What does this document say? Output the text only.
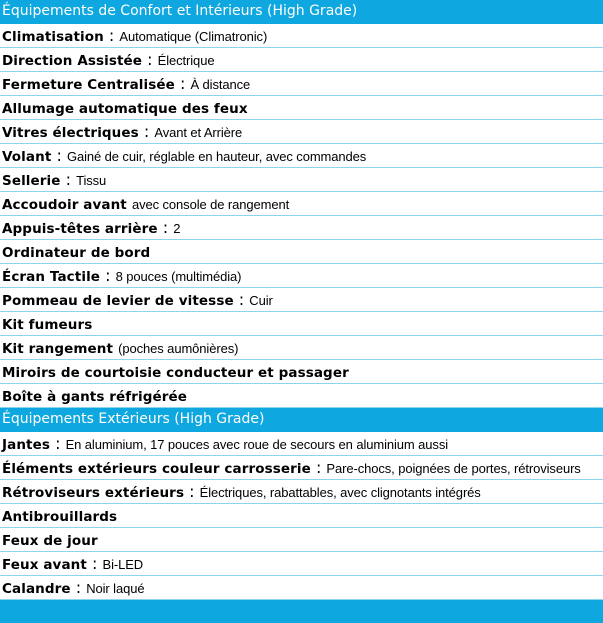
Équipements de Confort et Intérieurs (High Grade)
Climatisation : Automatique (Climatronic)
Direction Assistée : Électrique
Fermeture Centralisée : À distance
Allumage automatique des feux
Vitres électriques : Avant et Arrière
Volant : Gainé de cuir, réglable en hauteur, avec commandes
Sellerie : Tissu
Accoudoir avant avec console de rangement
Appuis-têtes arrière : 2
Ordinateur de bord
Écran Tactile : 8 pouces (multimédia)
Pommeau de levier de vitesse : Cuir
Kit fumeurs
Kit rangement (poches aumônières)
Miroirs de courtoisie conducteur et passager
Boîte à gants réfrigérée
Équipements Extérieurs (High Grade)
Jantes : En aluminium, 17 pouces avec roue de secours en aluminium aussi
Éléments extérieurs couleur carrosserie : Pare-chocs, poignées de portes, rétroviseurs
Rétroviseurs extérieurs : Électriques, rabattables, avec clignotants intégrés
Antibrouillards
Feux de jour
Feux avant : Bi-LED
Calandre : Noir laqué
